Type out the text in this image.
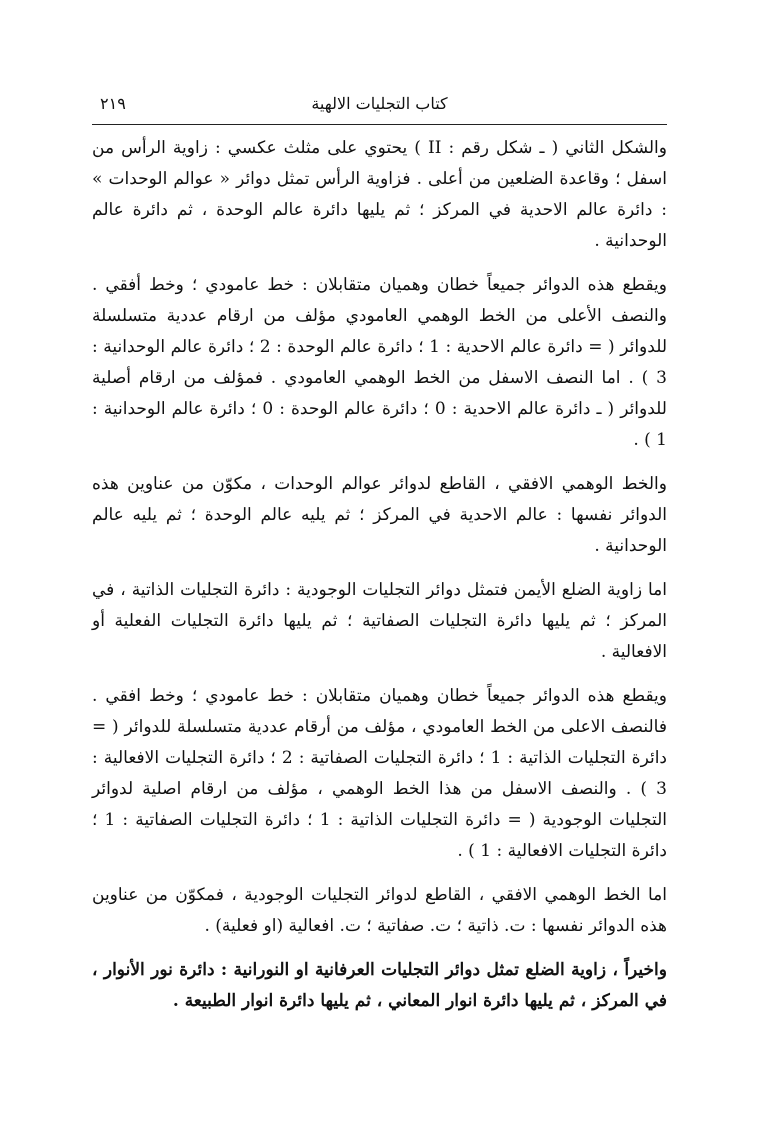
كتاب التجليات الالهية
٢١٩

والشكل الثاني ( ـ شكل رقم : II ) يحتوي على مثلث عكسي : زاوية الرأس من اسفل ؛ وقاعدة الضلعين من أعلى . فزاوية الرأس تمثل دوائر « عوالم الوحدات » : دائرة عالم الاحدية في المركز ؛ ثم يليها دائرة عالم الوحدة ، ثم دائرة عالم الوحدانية .

ويقطع هذه الدوائر جميعاً خطان وهميان متقابلان : خط عامودي ؛ وخط أفقي . والنصف الأعلى من الخط الوهمي العامودي مؤلف من ارقام عددية متسلسلة للدوائر ( = دائرة عالم الاحدية : 1 ؛ دائرة عالم الوحدة : 2 ؛ دائرة عالم الوحدانية : 3 ) . اما النصف الاسفل من الخط الوهمي العامودي . فمؤلف من ارقام أصلية للدوائر ( ـ دائرة عالم الاحدية : 0 ؛ دائرة عالم الوحدة : 0 ؛ دائرة عالم الوحدانية : 1 ) .

والخط الوهمي الافقي ، القاطع لدوائر عوالم الوحدات ، مكوّن من عناوين هذه الدوائر نفسها : عالم الاحدية في المركز ؛ ثم يليه عالم الوحدة ؛ ثم يليه عالم الوحدانية .

اما زاوية الضلع الأيمن فتمثل دوائر التجليات الوجودية : دائرة التجليات الذاتية ، في المركز ؛ ثم يليها دائرة التجليات الصفاتية ؛ ثم يليها دائرة التجليات الفعلية أو الافعالية .

ويقطع هذه الدوائر جميعاً خطان وهميان متقابلان : خط عامودي ؛ وخط افقي . فالنصف الاعلى من الخط العامودي ، مؤلف من أرقام عددية متسلسلة للدوائر ( = دائرة التجليات الذاتية : 1 ؛ دائرة التجليات الصفاتية : 2 ؛ دائرة التجليات الافعالية : 3 ) . والنصف الاسفل من هذا الخط الوهمي ، مؤلف من ارقام اصلية لدوائر التجليات الوجودية ( = دائرة التجليات الذاتية : 1 ؛ دائرة التجليات الصفاتية : 1 ؛ دائرة التجليات الافعالية : 1 ) .

اما الخط الوهمي الافقي ، القاطع لدوائر التجليات الوجودية ، فمكوّن من عناوين هذه الدوائر نفسها : ت. ذاتية ؛ ت. صفاتية ؛ ت. افعالية (او فعلية) .

واخيراً ، زاوية الضلع تمثل دوائر التجليات العرفانية او النورانية : دائرة نور الأنوار ، في المركز ، ثم يليها دائرة انوار المعاني ، ثم يليها دائرة انوار الطبيعة .
